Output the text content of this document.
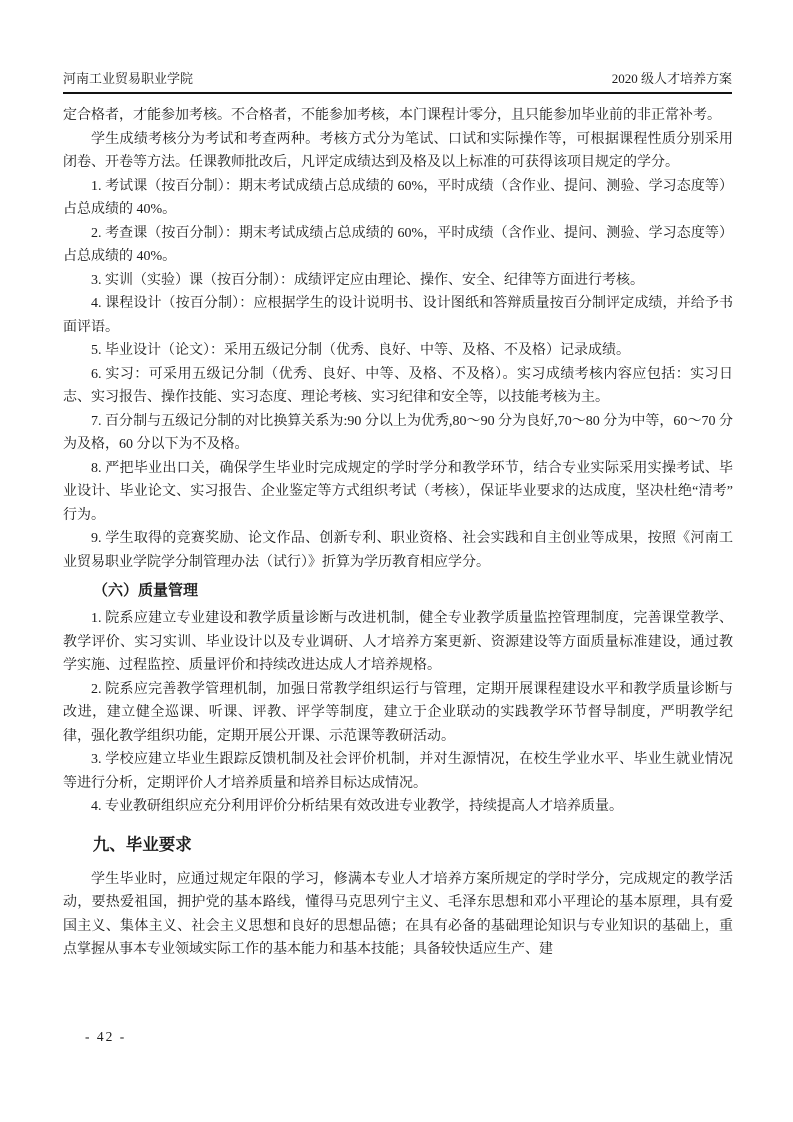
河南工业贸易职业学院	2020 级人才培养方案

定合格者，才能参加考核。不合格者，不能参加考核，本门课程计零分，且只能参加毕业前的非正常补考。

学生成绩考核分为考试和考查两种。考核方式分为笔试、口试和实际操作等，可根据课程性质分别采用闭卷、开卷等方法。任课教师批改后，凡评定成绩达到及格及以上标准的可获得该项目规定的学分。

1. 考试课（按百分制）：期末考试成绩占总成绩的 60%，平时成绩（含作业、提问、测验、学习态度等）占总成绩的 40%。

2. 考查课（按百分制）：期末考试成绩占总成绩的 60%，平时成绩（含作业、提问、测验、学习态度等）占总成绩的 40%。

3. 实训（实验）课（按百分制）：成绩评定应由理论、操作、安全、纪律等方面进行考核。

4. 课程设计（按百分制）：应根据学生的设计说明书、设计图纸和答辩质量按百分制评定成绩，并给予书面评语。

5. 毕业设计（论文）：采用五级记分制（优秀、良好、中等、及格、不及格）记录成绩。

6. 实习：可采用五级记分制（优秀、良好、中等、及格、不及格）。实习成绩考核内容应包括：实习日志、实习报告、操作技能、实习态度、理论考核、实习纪律和安全等，以技能考核为主。

7. 百分制与五级记分制的对比换算关系为:90 分以上为优秀,80～90 分为良好,70～80 分为中等，60～70 分为及格，60 分以下为不及格。

8. 严把毕业出口关，确保学生毕业时完成规定的学时学分和教学环节，结合专业实际采用实操考试、毕业设计、毕业论文、实习报告、企业鉴定等方式组织考试（考核），保证毕业要求的达成度，坚决杜绝“清考”行为。

9. 学生取得的竞赛奖励、论文作品、创新专利、职业资格、社会实践和自主创业等成果，按照《河南工业贸易职业学院学分制管理办法（试行）》折算为学历教育相应学分。

（六）质量管理

1. 院系应建立专业建设和教学质量诊断与改进机制，健全专业教学质量监控管理制度，完善课堂教学、教学评价、实习实训、毕业设计以及专业调研、人才培养方案更新、资源建设等方面质量标准建设，通过教学实施、过程监控、质量评价和持续改进达成人才培养规格。

2. 院系应完善教学管理机制，加强日常教学组织运行与管理，定期开展课程建设水平和教学质量诊断与改进，建立健全巡课、听课、评教、评学等制度，建立于企业联动的实践教学环节督导制度，严明教学纪律，强化教学组织功能，定期开展公开课、示范课等教研活动。

3. 学校应建立毕业生跟踪反馈机制及社会评价机制，并对生源情况，在校生学业水平、毕业生就业情况等进行分析，定期评价人才培养质量和培养目标达成情况。

4. 专业教研组织应充分利用评价分析结果有效改进专业教学，持续提高人才培养质量。

九、毕业要求

学生毕业时，应通过规定年限的学习，修满本专业人才培养方案所规定的学时学分，完成规定的教学活动，要热爱祖国，拥护党的基本路线，懂得马克思列宁主义、毛泽东思想和邓小平理论的基本原理，具有爱国主义、集体主义、社会主义思想和良好的思想品德；在具有必备的基础理论知识与专业知识的基础上，重点掌握从事本专业领域实际工作的基本能力和基本技能；具备较快适应生产、建

- 42 -
